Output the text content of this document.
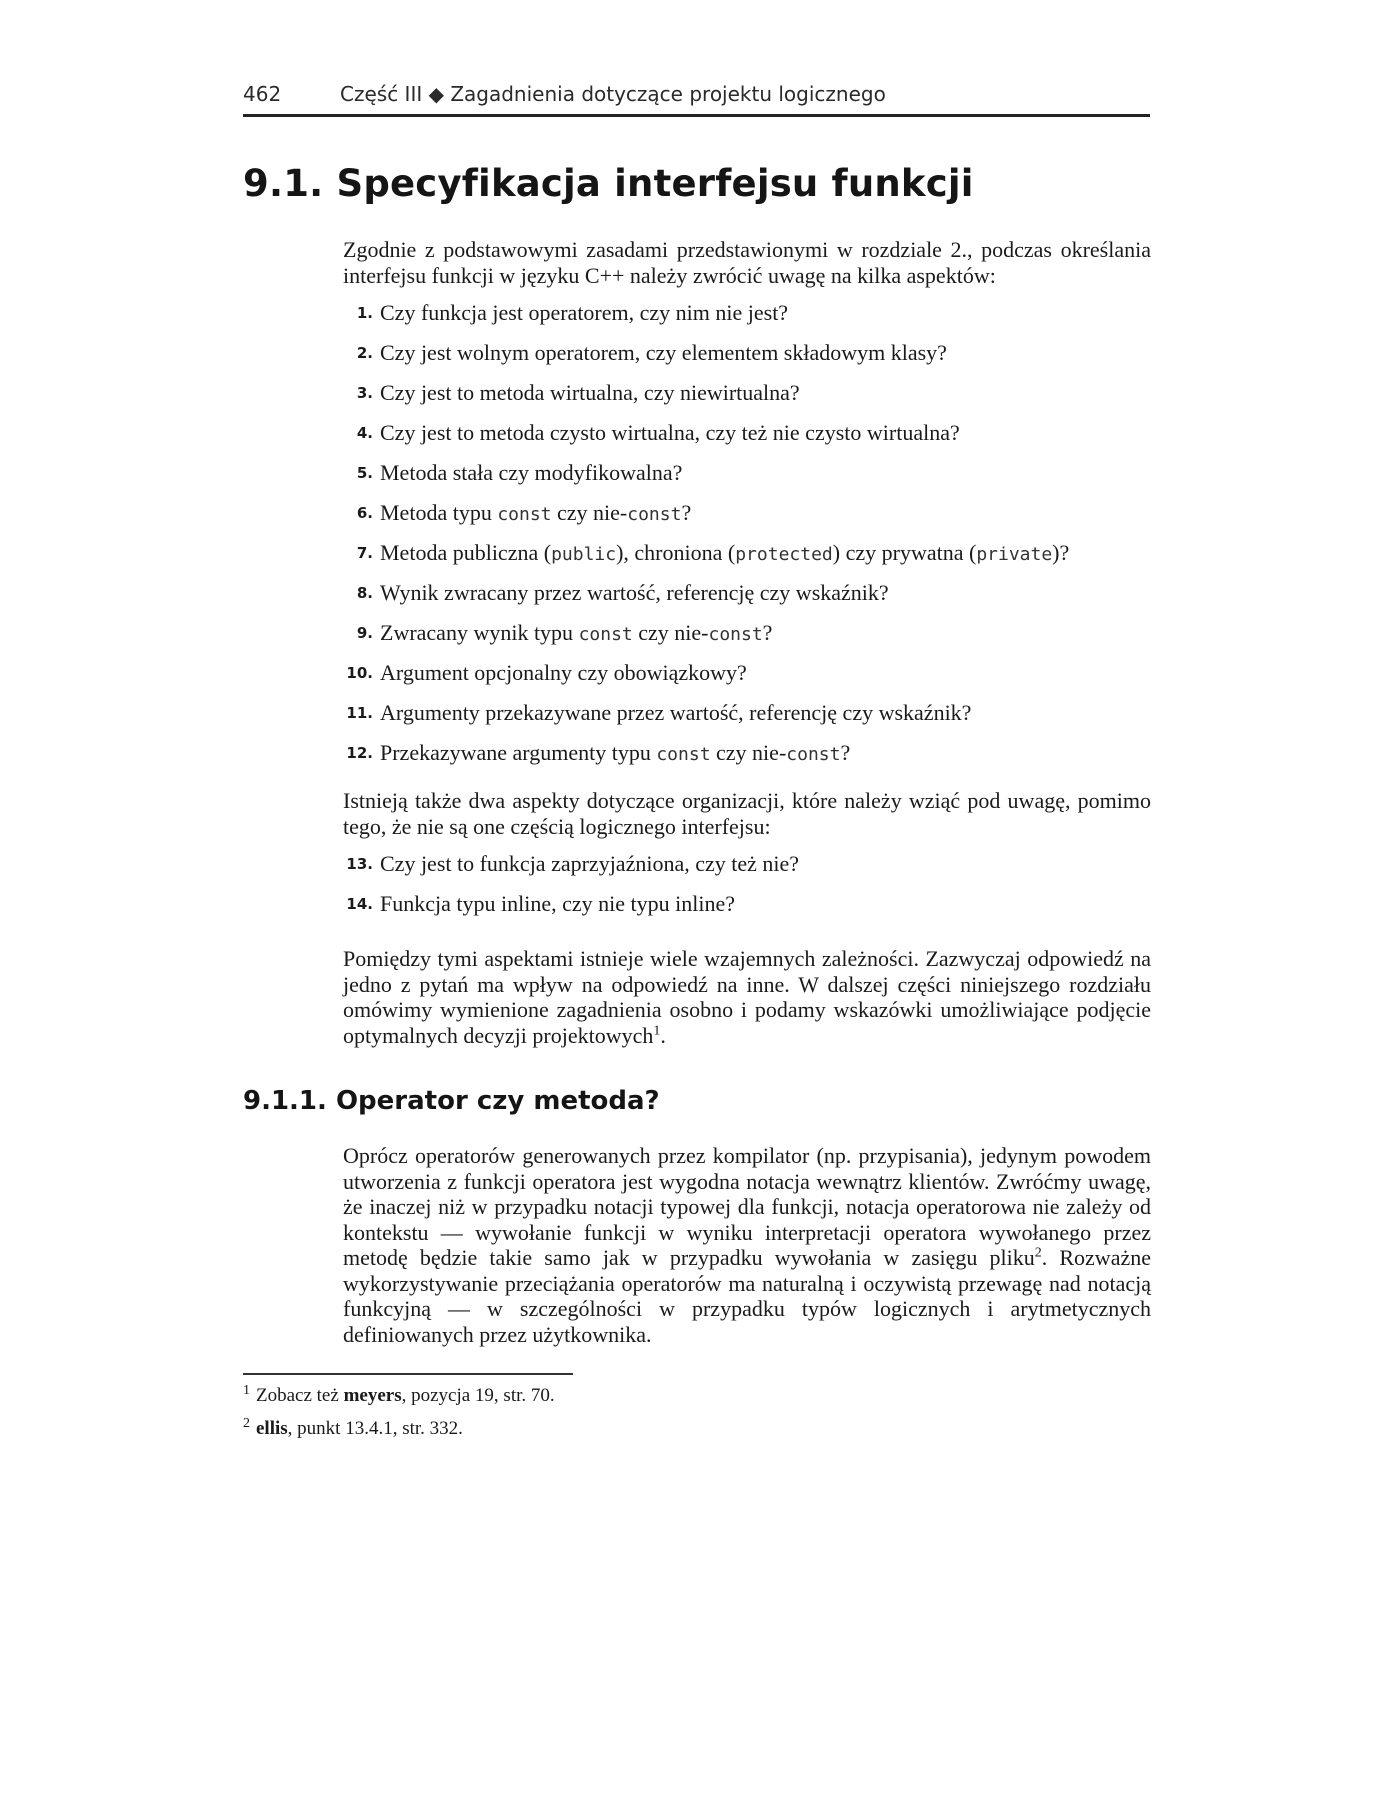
462	Część III ◆ Zagadnienia dotyczące projektu logicznego
9.1. Specyfikacja interfejsu funkcji
Zgodnie z podstawowymi zasadami przedstawionymi w rozdziale 2., podczas określania interfejsu funkcji w języku C++ należy zwrócić uwagę na kilka aspektów:
1 . Czy funkcja jest operatorem, czy nim nie jest?
2 . Czy jest wolnym operatorem, czy elementem składowym klasy?
3 . Czy jest to metoda wirtualna, czy niewirtualna?
4 . Czy jest to metoda czysto wirtualna, czy też nie czysto wirtualna?
5 . Metoda stała czy modyfikowalna?
6 . Metoda typu const czy nie-const?
7 . Metoda publiczna (public), chroniona (protected) czy prywatna (private)?
8 . Wynik zwracany przez wartość, referencję czy wskaźnik?
9 . Zwracany wynik typu const czy nie-const?
10 . Argument opcjonalny czy obowiązkowy?
11 . Argumenty przekazywane przez wartość, referencję czy wskaźnik?
12 . Przekazywane argumenty typu const czy nie-const?
Istnieją także dwa aspekty dotyczące organizacji, które należy wziąć pod uwagę, pomimo tego, że nie są one częścią logicznego interfejsu:
13 . Czy jest to funkcja zaprzyjaźniona, czy też nie?
14 . Funkcja typu inline, czy nie typu inline?
Pomiędzy tymi aspektami istnieje wiele wzajemnych zależności. Zazwyczaj odpowiedź na jedno z pytań ma wpływ na odpowiedź na inne. W dalszej części niniejszego rozdziału omówimy wymienione zagadnienia osobno i podamy wskazówki umożliwiające podjęcie optymalnych decyzji projektowych$^1$.
9.1.1. Operator czy metoda?
Oprócz operatorów generowanych przez kompilator (np. przypisania), jedynym powodem utworzenia z funkcji operatora jest wygodna notacja wewnątrz klientów. Zwróćmy uwagę, że inaczej niż w przypadku notacji typowej dla funkcji, notacja operatorowa nie zależy od kontekstu — wywołanie funkcji w wyniku interpretacji operatora wywołanego przez metodę będzie takie samo jak w przypadku wywołania w zasięgu pliku$^2$. Rozważne wykorzystywanie przeciążania operatorów ma naturalną i oczywistą przewagę nad notacją funkcyjną — w szczególności w przypadku typów logicznych i arytmetycznych definiowanych przez użytkownika.
$^1$ Zobacz też meyers, pozycja 19, str. 70.
$^2$ ellis, punkt 13.4.1, str. 332.
